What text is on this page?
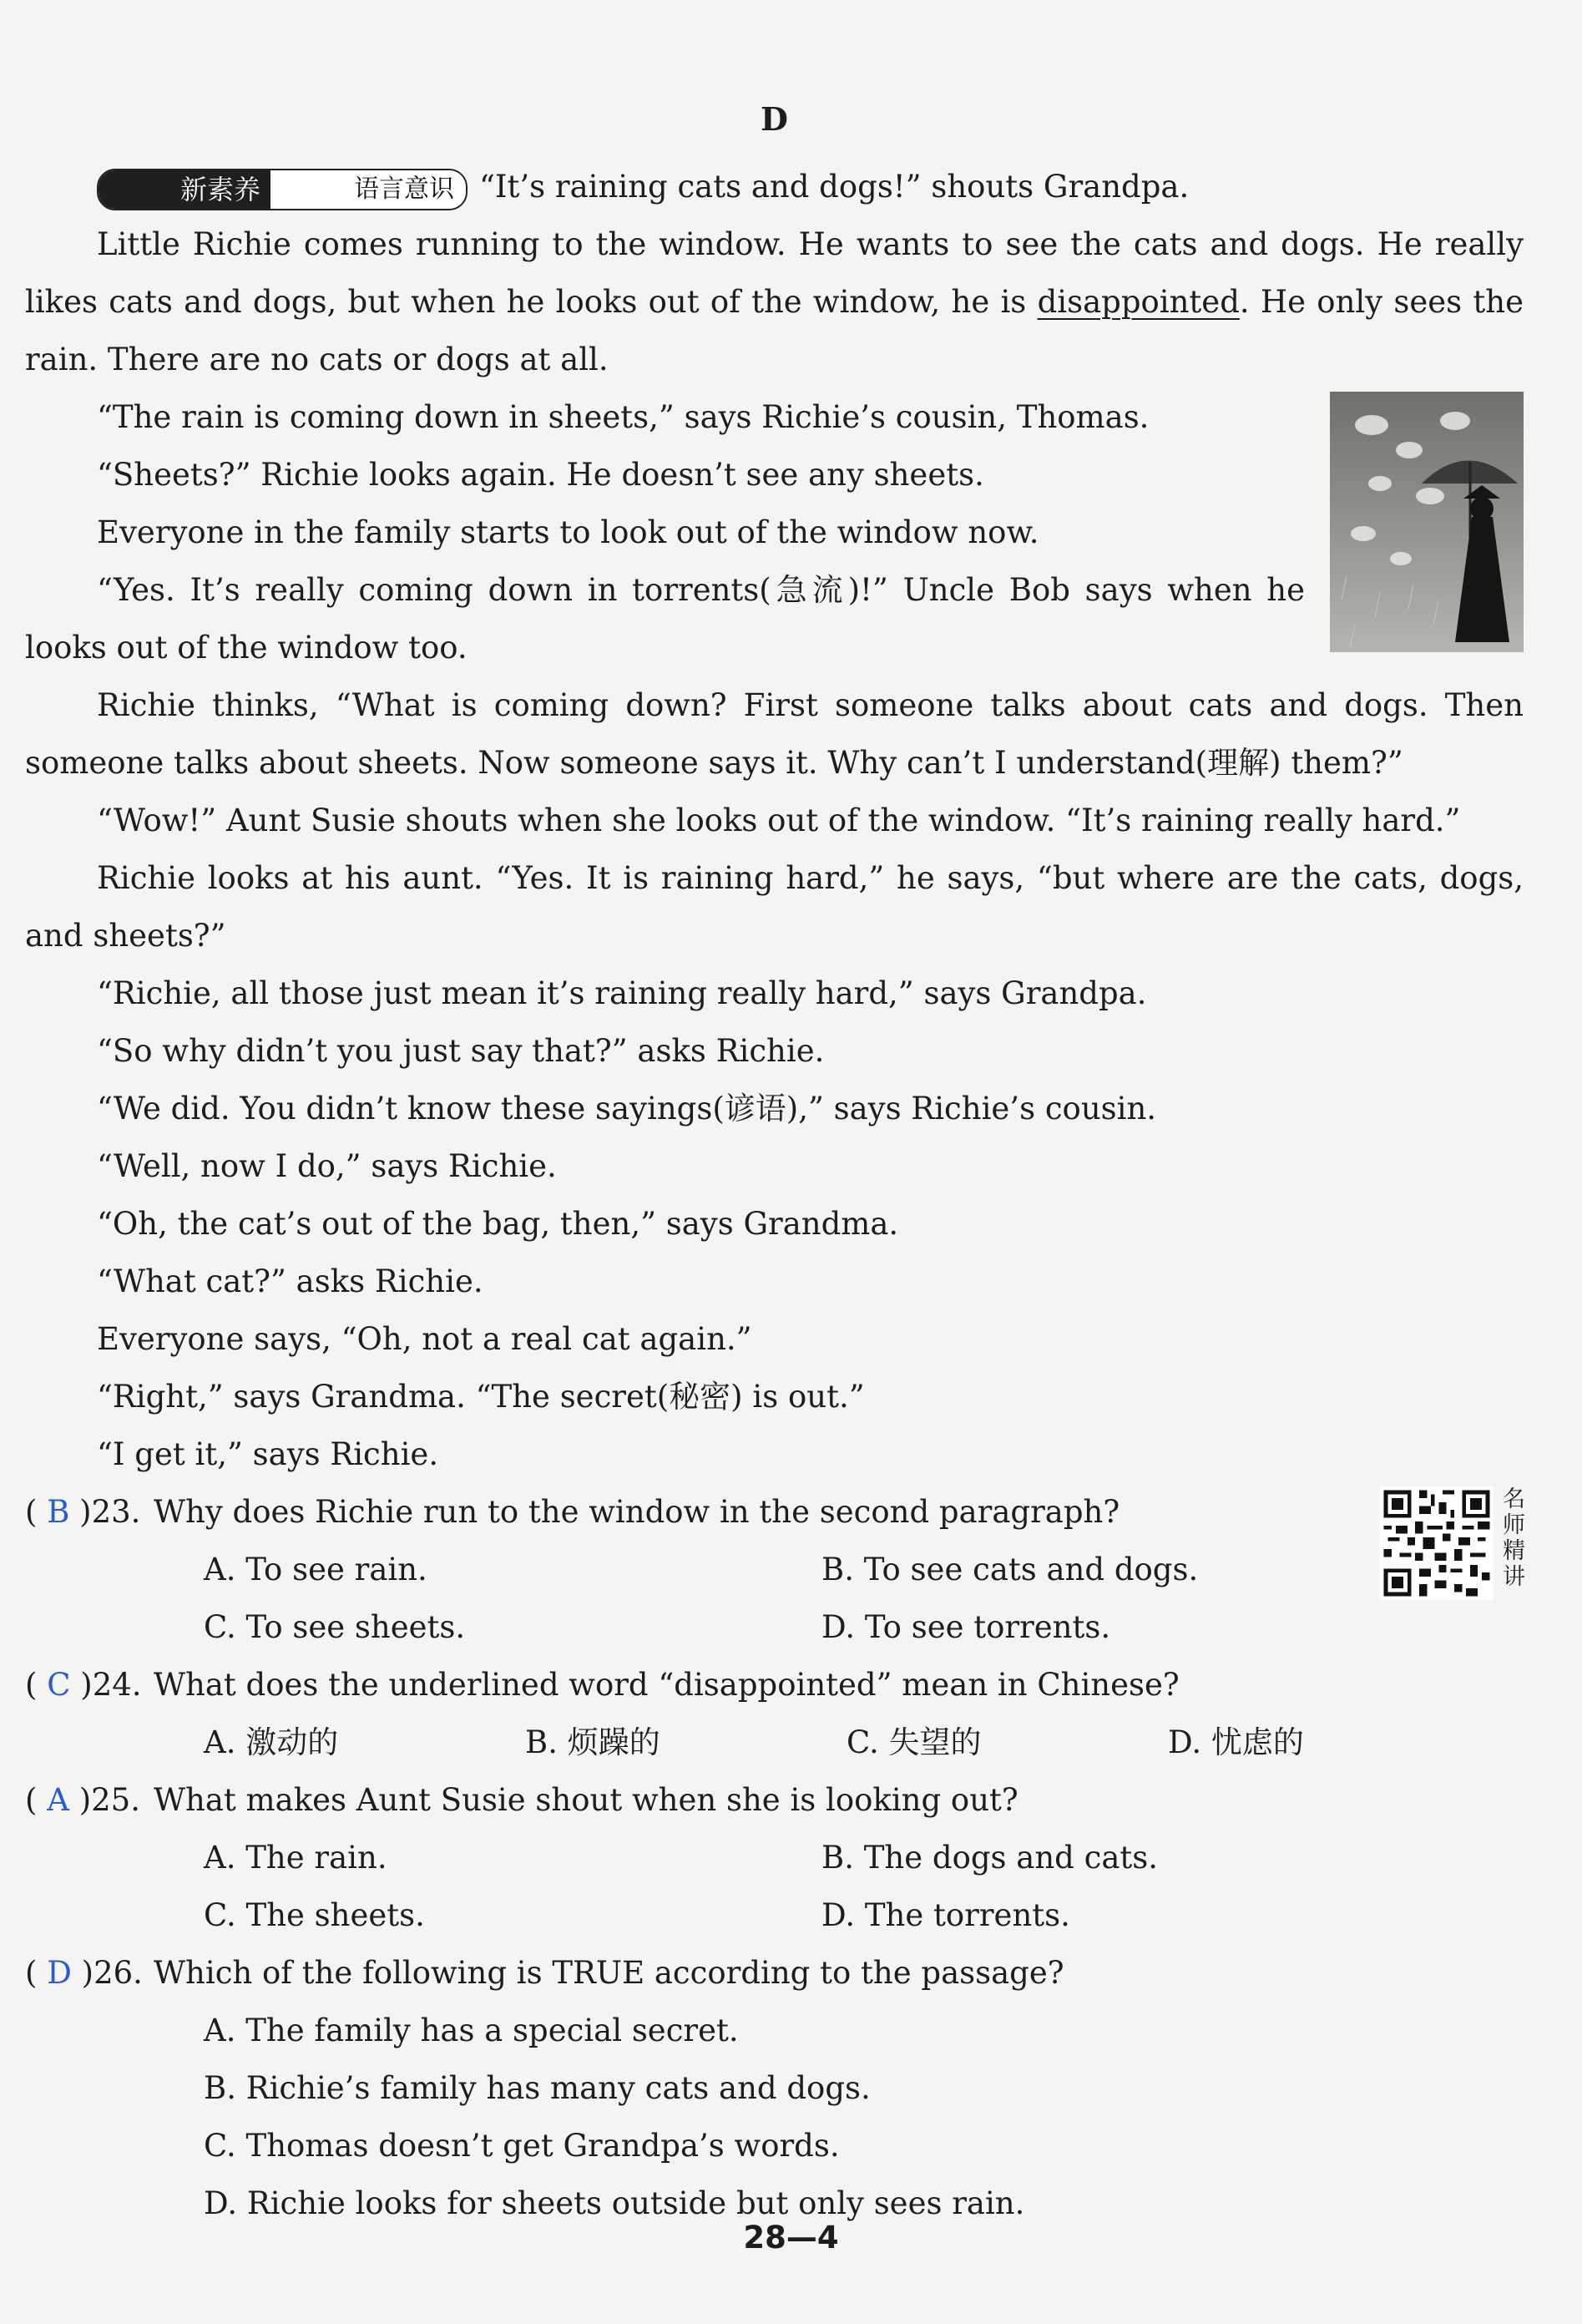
D

新素养	语言意识 “It’s raining cats and dogs!” shouts Grandpa.

Little Richie comes running to the window. He wants to see the cats and dogs. He really likes cats and dogs, but when he looks out of the window, he is disappointed. He only sees the rain. There are no cats or dogs at all.

“The rain is coming down in sheets,” says Richie’s cousin, Thomas.

“Sheets?” Richie looks again. He doesn’t see any sheets.

Everyone in the family starts to look out of the window now.

“Yes. It’s really coming down in torrents(急流)!” Uncle Bob says when he looks out of the window too.

Richie thinks, “What is coming down? First someone talks about cats and dogs. Then someone talks about sheets. Now someone says it. Why can’t I understand(理解) them?”

“Wow!” Aunt Susie shouts when she looks out of the window. “It’s raining really hard.”

Richie looks at his aunt. “Yes. It is raining hard,” he says, “but where are the cats, dogs, and sheets?”

“Richie, all those just mean it’s raining really hard,” says Grandpa.

“So why didn’t you just say that?” asks Richie.

“We did. You didn’t know these sayings(谚语),” says Richie’s cousin.

“Well, now I do,” says Richie.

“Oh, the cat’s out of the bag, then,” says Grandma.

“What cat?” asks Richie.

Everyone says, “Oh, not a real cat again.”

“Right,” says Grandma. “The secret(秘密) is out.”

“I get it,” says Richie.

( B )23. Why does Richie run to the window in the second paragraph?
A. To see rain.	B. To see cats and dogs.
C. To see sheets.	D. To see torrents.
( C )24. What does the underlined word “disappointed” mean in Chinese?
A. 激动的	B. 烦躁的	C. 失望的	D. 忧虑的
( A )25. What makes Aunt Susie shout when she is looking out?
A. The rain.	B. The dogs and cats.
C. The sheets.	D. The torrents.
( D )26. Which of the following is TRUE according to the passage?
A. The family has a special secret.
B. Richie’s family has many cats and dogs.
C. Thomas doesn’t get Grandpa’s words.
D. Richie looks for sheets outside but only sees rain.
名师精讲
28—4
